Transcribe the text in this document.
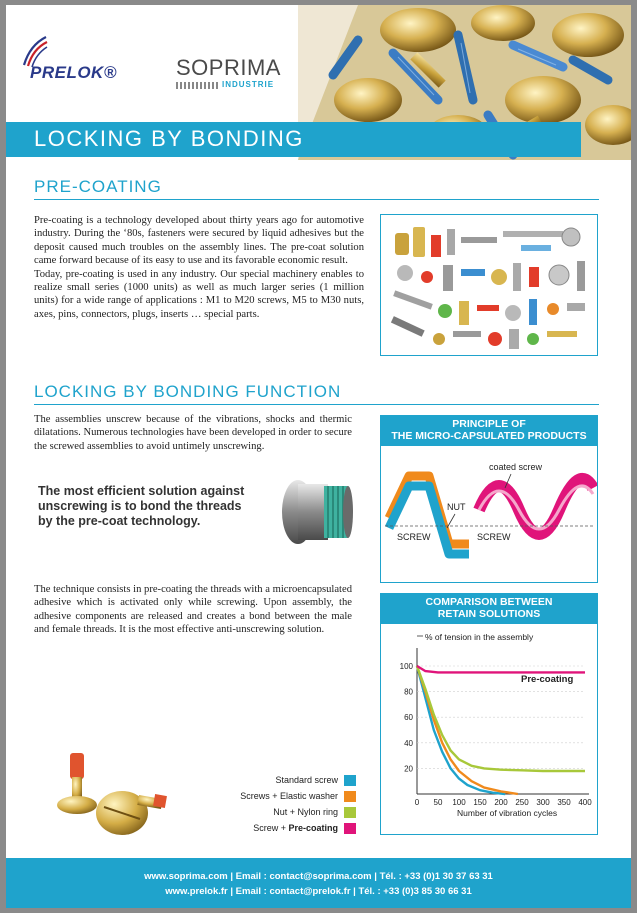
PRELOK®	SOPRIMA
INDUSTRIE
LOCKING BY BONDING
PRE-COATING
Pre-coating is a technology developed about thirty years ago for automotive industry. During the ‘80s, fasteners were secured by liquid adhesives but the deposit caused much troubles on the assembly lines. The pre-coat solution came forward because of its easy to use and its favorable economic result.
Today, pre-coating is used in any industry. Our special machinery enables to realize small series (1000 units) as well as much larger series (1 million units) for a wide range of applications : M1 to M20 screws, M5 to M30 nuts, axes, pins, connectors, plugs, inserts … special parts.
LOCKING BY BONDING FUNCTION
The assemblies unscrew because of the vibrations, shocks and thermic dilatations. Numerous technologies have been developed in order to secure the screwed assemblies to avoid untimely unscrewing.
The most efficient solution against unscrewing is to bond the threads by the pre-coat technology.
The technique consists in pre-coating the threads with a microencapsulated adhesive which is activated only while screwing. Upon assembly, the adhesive components are released and creates a bond between the male and female threads. It is the most effective anti-unscrewing solution.
PRINCIPLE OF
THE MICRO-CAPSULATED PRODUCTS
coated screw
NUT
SCREW	SCREW
COMPARISON BETWEEN
RETAIN SOLUTIONS
20
40
60
80
100
0 50 100 150 200 250 300 350 400
% of tension in the assembly
Number of vibration cycles
Pre-coating
Standard screw
Screws + Elastic washer
Nut + Nylon ring
Screw + Pre-coating
www.soprima.com | Email : contact@soprima.com | Tél. : +33 (0)1 30 37 63 31
www.prelok.fr | Email : contact@prelok.fr | Tél. : +33 (0)3 85 30 66 31
